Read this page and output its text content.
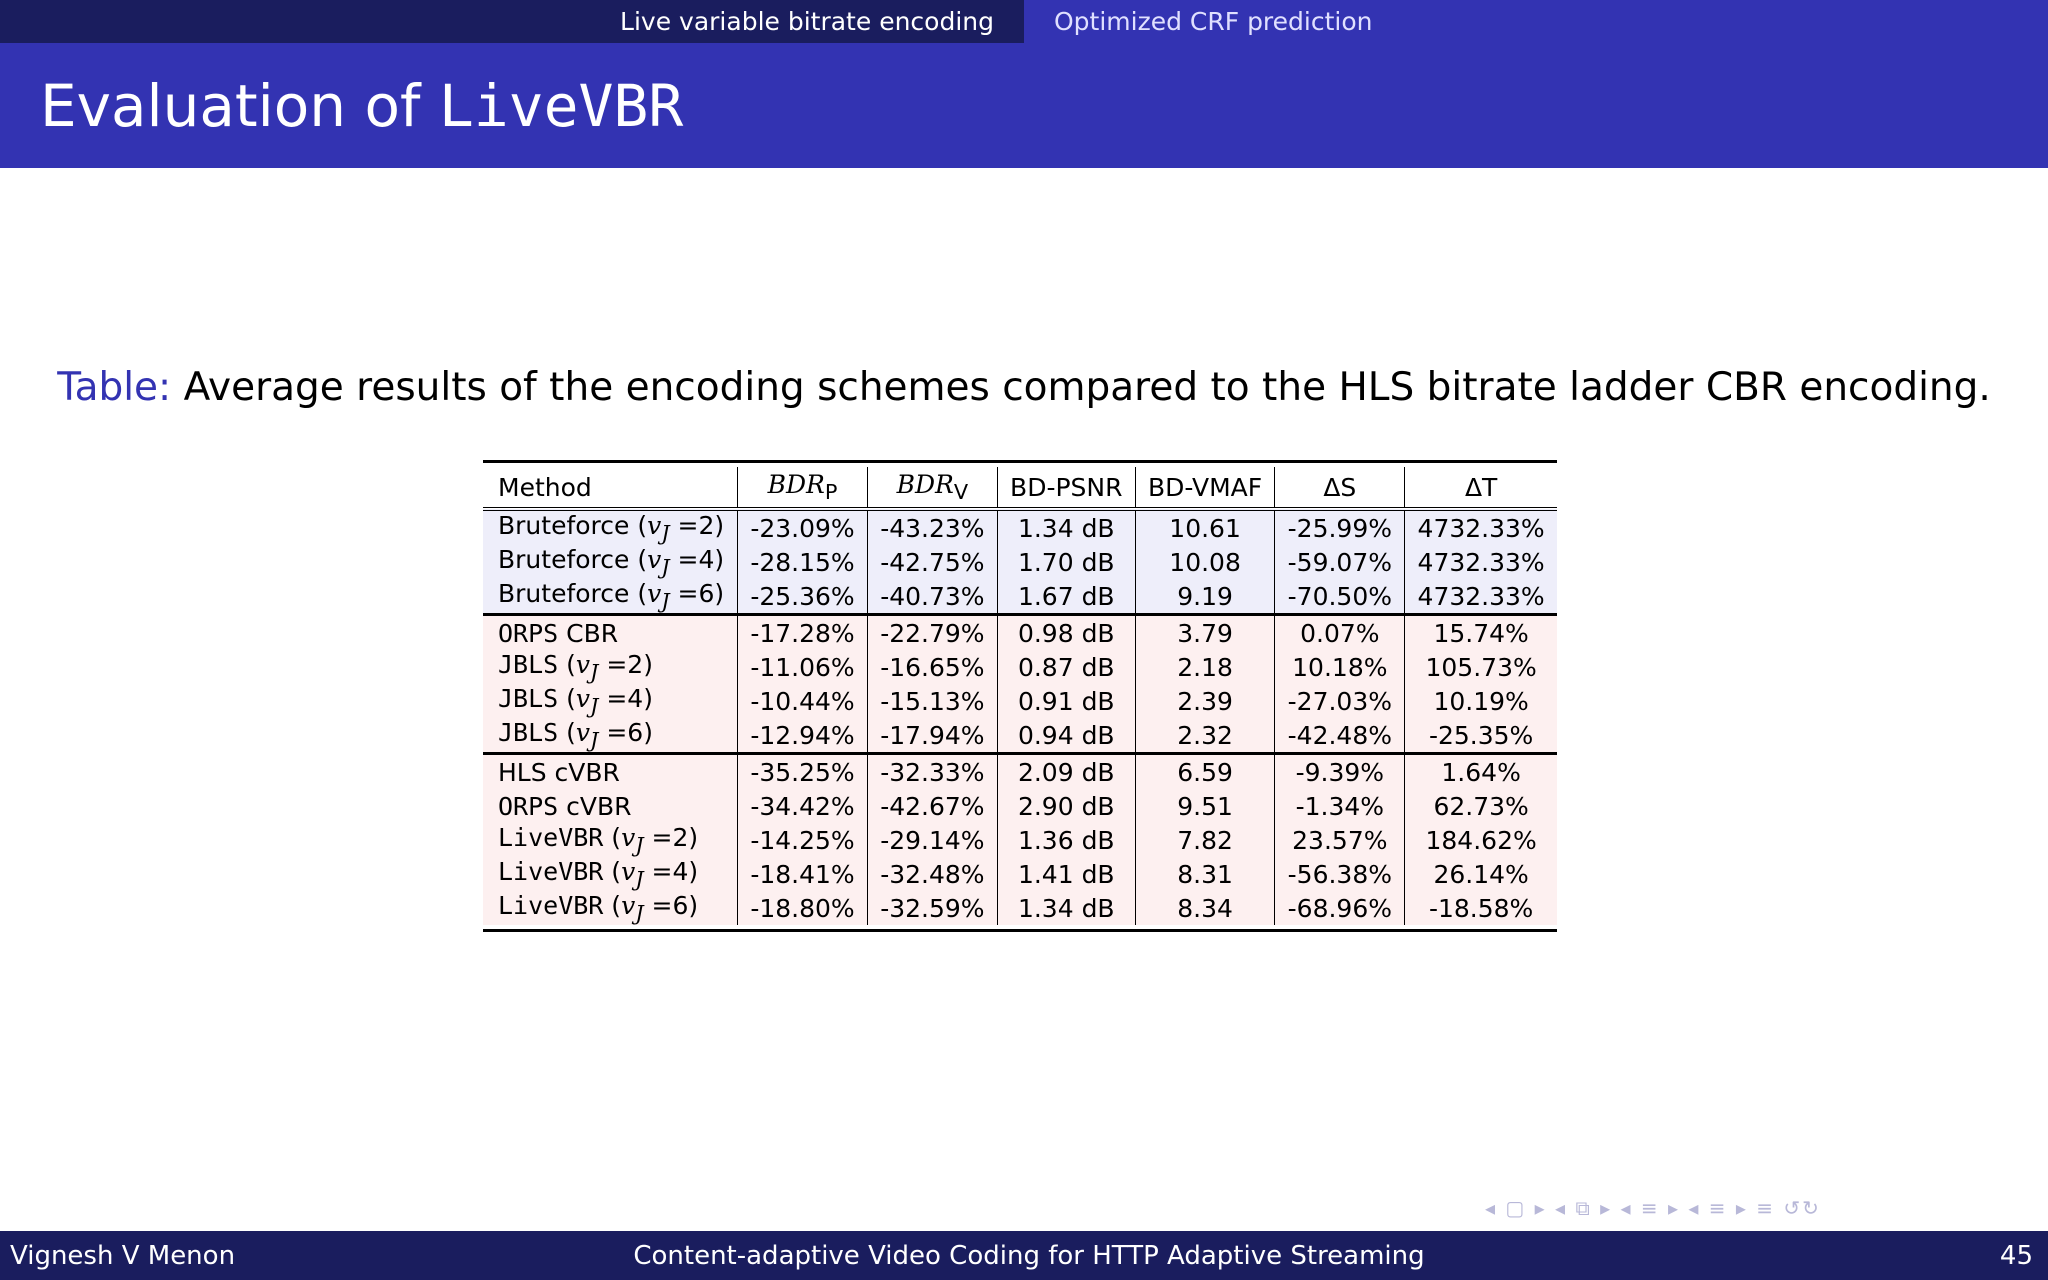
Live variable bitrate encoding	Optimized CRF prediction
Evaluation of LiveVBR
Table: Average results of the encoding schemes compared to the HLS bitrate ladder CBR encoding.
Method	$BDR_P$	$BDR_V$	BD-PSNR	BD-VMAF	ΔS	ΔT
Bruteforce $(v_J =2)$	-23.09%	-43.23%	1.34 dB	10.61	-25.99%	4732.33%
Bruteforce $(v_J =4)$	-28.15%	-42.75%	1.70 dB	10.08	-59.07%	4732.33%
Bruteforce $(v_J =6)$	-25.36%	-40.73%	1.67 dB	9.19	-70.50%	4732.33%
ORPS CBR	-17.28%	-22.79%	0.98 dB	3.79	0.07%	15.74%
JBLS $(v_J =2)$	-11.06%	-16.65%	0.87 dB	2.18	10.18%	105.73%
JBLS $(v_J =4)$	-10.44%	-15.13%	0.91 dB	2.39	-27.03%	10.19%
JBLS $(v_J =6)$	-12.94%	-17.94%	0.94 dB	2.32	-42.48%	-25.35%
HLS cVBR	-35.25%	-32.33%	2.09 dB	6.59	-9.39%	1.64%
ORPS cVBR	-34.42%	-42.67%	2.90 dB	9.51	-1.34%	62.73%
LiveVBR $(v_J =2)$	-14.25%	-29.14%	1.36 dB	7.82	23.57%	184.62%
LiveVBR $(v_J =4)$	-18.41%	-32.48%	1.41 dB	8.31	-56.38%	26.14%
LiveVBR $(v_J =6)$	-18.80%	-32.59%	1.34 dB	8.34	-68.96%	-18.58%
◂ ▢ ▸ ◂ ⧉ ▸ ◂ ≡ ▸ ◂ ≡ ▸ ≡ ↺↻
Vignesh V Menon	Content-adaptive Video Coding for HTTP Adaptive Streaming	45
